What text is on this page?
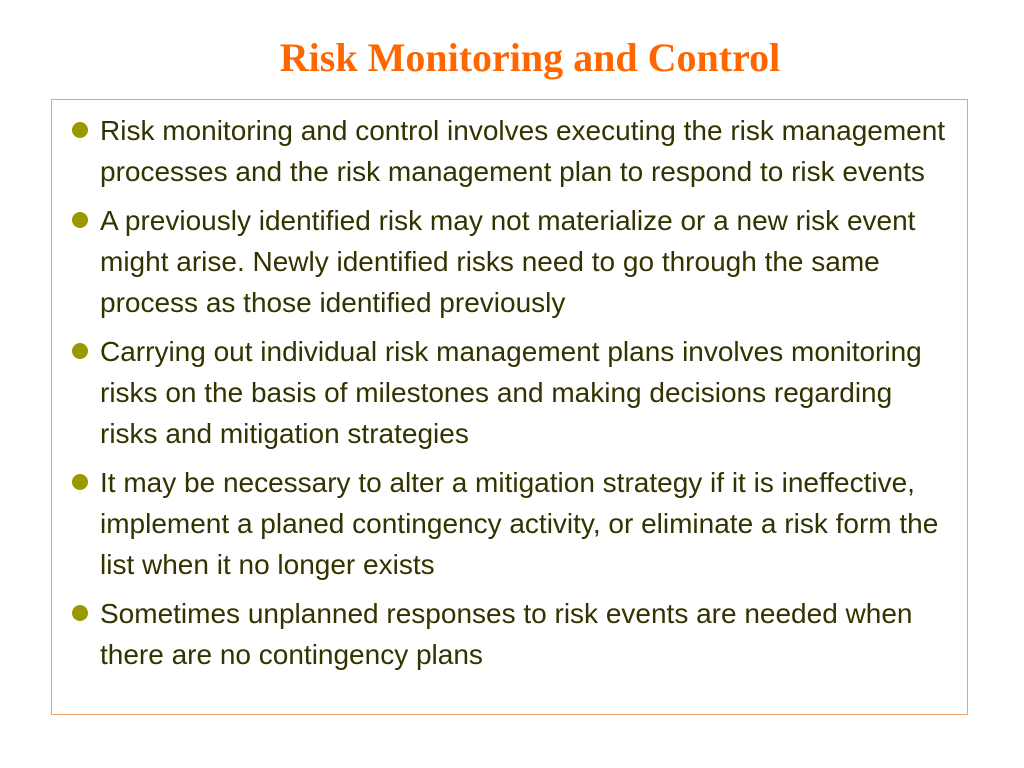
Risk Monitoring and Control
Risk monitoring and control involves executing the risk management processes and the risk management plan to respond to risk events
A previously identified risk may not materialize or a new risk event might arise. Newly identified risks need to go through the same process as those identified previously
Carrying out individual risk management plans involves monitoring risks on the basis of milestones and making decisions regarding risks and mitigation strategies
It may be necessary to alter a mitigation strategy if it is ineffective, implement a planed contingency activity, or eliminate a risk form the list when it no longer exists
Sometimes unplanned responses to risk events are needed when there are no contingency plans
